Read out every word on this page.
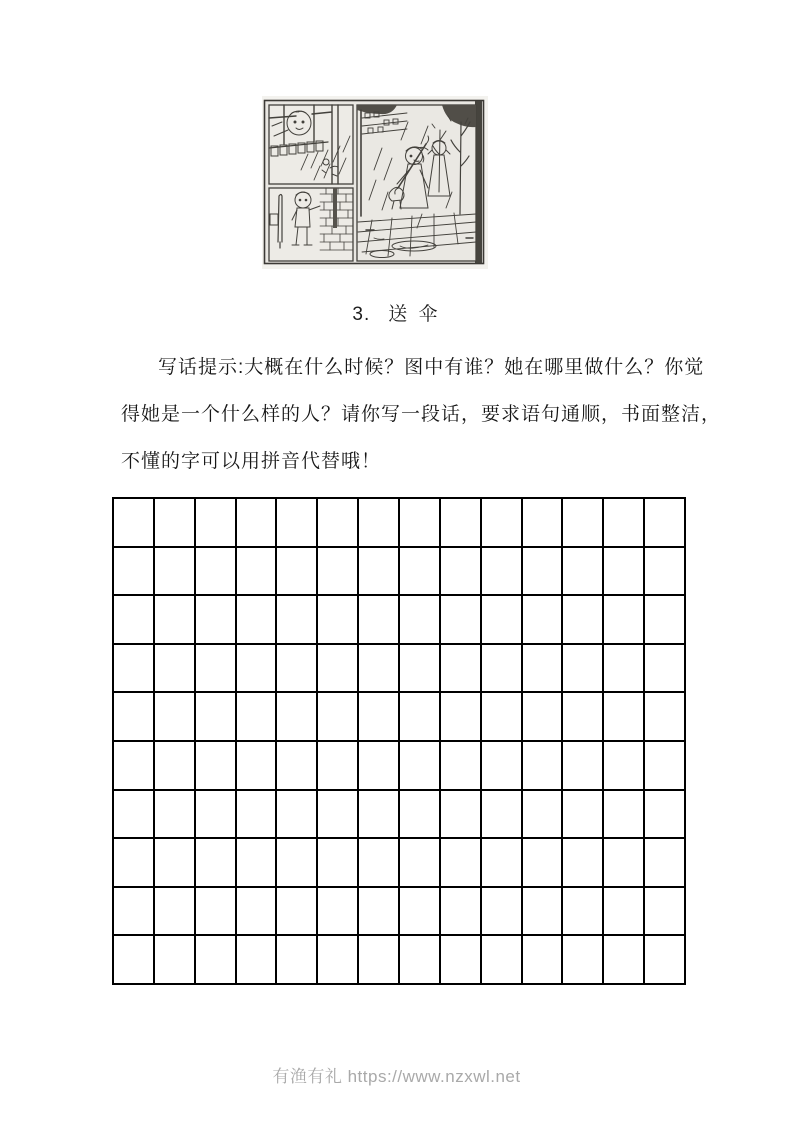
3. 送 伞
写话提示:大概在什么时候？图中有谁？她在哪里做什么？你觉
得她是一个什么样的人？请你写一段话，要求语句通顺，书面整洁，
不懂的字可以用拼音代替哦！
有渔有礼 https://www.nzxwl.net
